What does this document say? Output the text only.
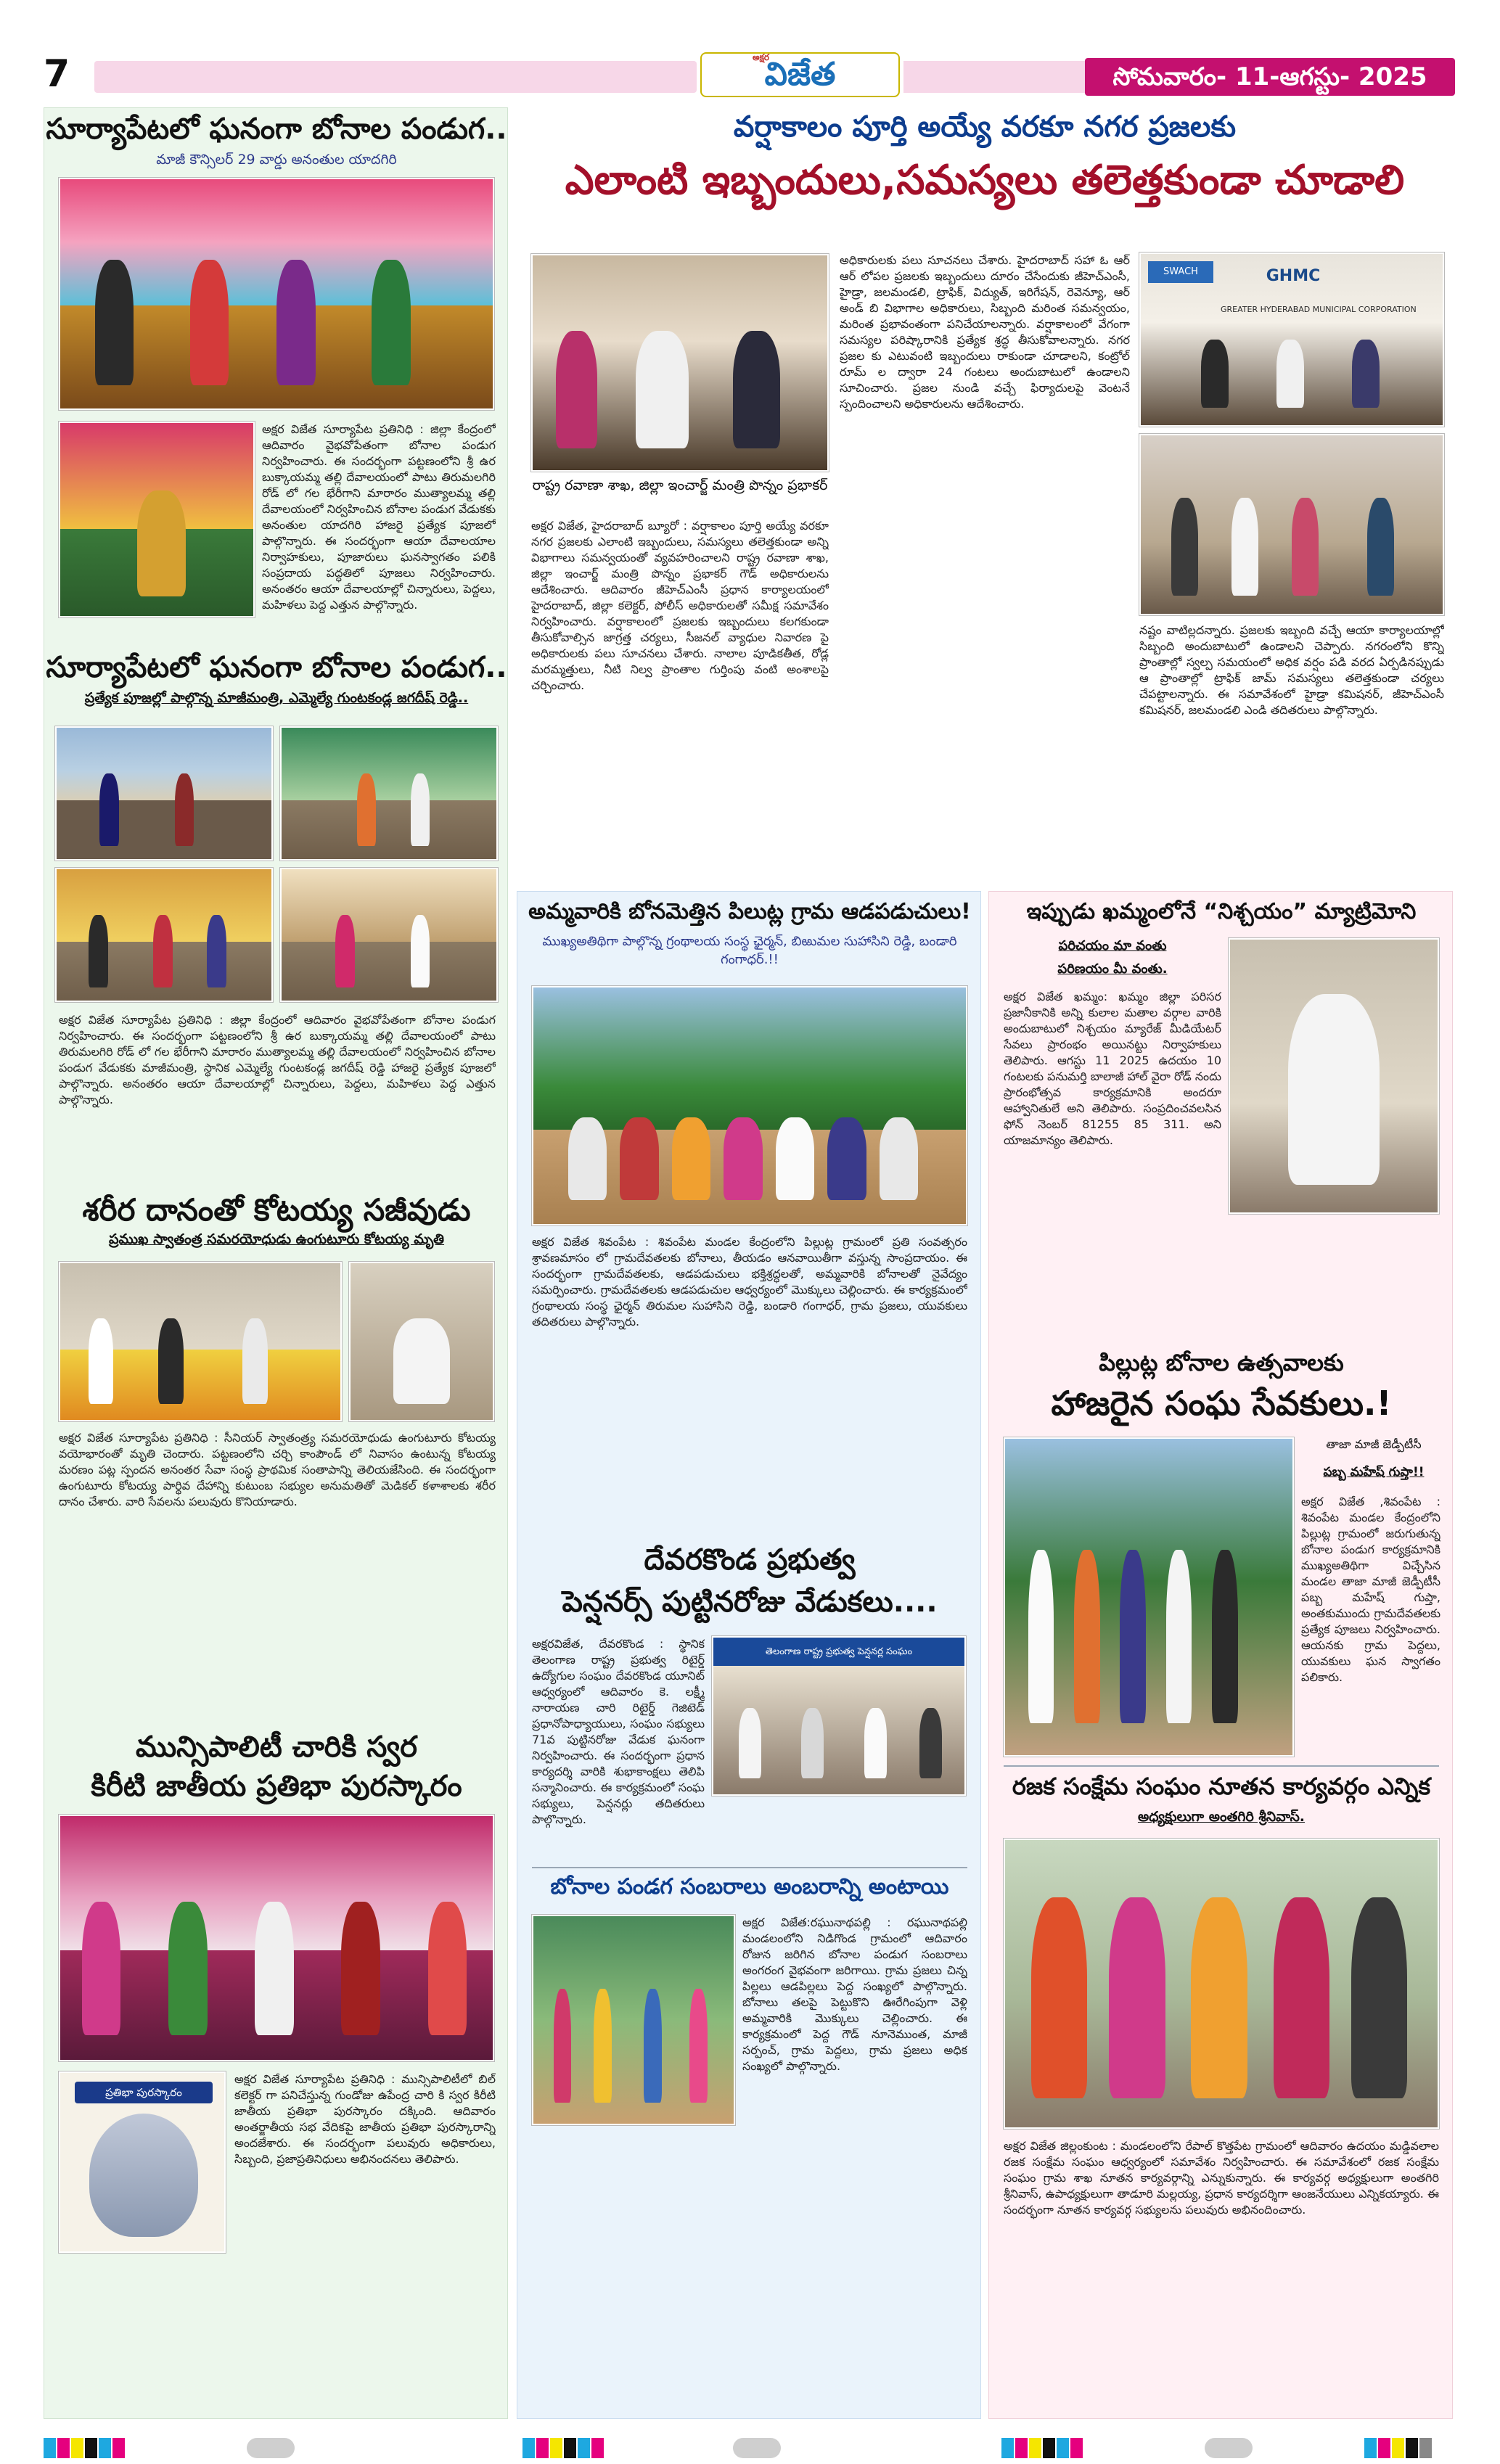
7	అక్షర
విజేత	సోమవారం- 11-ఆగస్టు- 2025
సూర్యాపేటలో ఘనంగా బోనాల పండుగ..
మాజీ కౌన్సిలర్ 29 వార్డు అనంతుల యాదగిరి
అక్షర విజేత సూర్యాపేట ప్రతినిధి : జిల్లా కేంద్రంలో ఆదివారం వైభవోపేతంగా బోనాల పండుగ నిర్వహించారు. ఈ సందర్భంగా పట్టణంలోని శ్రీ ఉర బుక్కాయమ్మ తల్లి దేవాలయంలో పాటు తిరుమలగిరి రోడ్ లో గల భేరీగాని మారారం ముత్యాలమ్మ తల్లి దేవాలయంలో నిర్వహించిన బోనాల పండుగ వేడుకకు అనంతుల యాదగిరి హాజరై ప్రత్యేక పూజలో పాల్గొన్నారు. ఈ సందర్భంగా ఆయా దేవాలయాల నిర్వాహకులు, పూజారులు ఘనస్వాగతం పలికి సంప్రదాయ పద్ధతిలో పూజలు నిర్వహించారు. అనంతరం ఆయా దేవాలయాల్లో చిన్నారులు, పెద్దలు, మహిళలు పెద్ద ఎత్తున పాల్గొన్నారు.
సూర్యాపేటలో ఘనంగా బోనాల పండుగ..
ప్రత్యేక పూజల్లో పాల్గొన్న మాజీమంత్రి, ఎమ్మెల్యే గుంటకండ్ల జగదీష్ రెడ్డి..
అక్షర విజేత సూర్యాపేట ప్రతినిధి : జిల్లా కేంద్రంలో ఆదివారం వైభవోపేతంగా బోనాల పండుగ నిర్వహించారు. ఈ సందర్భంగా పట్టణంలోని శ్రీ ఉర బుక్కాయమ్మ తల్లి దేవాలయంలో పాటు తిరుమలగిరి రోడ్ లో గల భేరీగాని మారారం ముత్యాలమ్మ తల్లి దేవాలయంలో నిర్వహించిన బోనాల పండుగ వేడుకకు మాజీమంత్రి, స్థానిక ఎమ్మెల్యే గుంటకండ్ల జగదీష్ రెడ్డి హాజరై ప్రత్యేక పూజలో పాల్గొన్నారు. అనంతరం ఆయా దేవాలయాల్లో చిన్నారులు, పెద్దలు, మహిళలు పెద్ద ఎత్తున పాల్గొన్నారు.
శరీర దానంతో కోటయ్య సజీవుడు
ప్రముఖ స్వాతంత్ర సమరయోధుడు ఉంగుటూరు కోటయ్య మృతి
అక్షర విజేత సూర్యాపేట ప్రతినిధి : సీనియర్ స్వాతంత్ర్య సమరయోధుడు ఉంగుటూరు కోటయ్య వయోభారంతో మృతి చెందారు. పట్టణంలోని చర్చి కాంపౌండ్ లో నివాసం ఉంటున్న కోటయ్య మరణం పట్ల స్పందన అనంతర సేవా సంస్థ ప్రాథమిక సంతాపాన్ని తెలియజేసింది. ఈ సందర్భంగా ఉంగుటూరు కోటయ్య పార్థివ దేహాన్ని కుటుంబ సభ్యుల అనుమతితో మెడికల్ కళాశాలకు శరీర దానం చేశారు. వారి సేవలను పలువురు కొనియాడారు.
మున్సిపాలిటీ చారికి స్వర
కిరీటి జాతీయ ప్రతిభా పురస్కారం
ప్రతిభా పురస్కారం
అక్షర విజేత సూర్యాపేట ప్రతినిధి : మున్సిపాలిటీలో బిల్ కలెక్టర్ గా పనిచేస్తున్న గుండోజు ఉపేంద్ర చారి కి స్వర కిరీటి జాతీయ ప్రతిభా పురస్కారం దక్కింది. ఆదివారం అంతర్జాతీయ సభ వేదికపై జాతీయ ప్రతిభా పురస్కారాన్ని అందజేశారు. ఈ సందర్భంగా పలువురు అధికారులు, సిబ్బంది, ప్రజాప్రతినిధులు అభినందనలు తెలిపారు.
వర్షాకాలం పూర్తి అయ్యే వరకూ నగర ప్రజలకు
ఎలాంటి ఇబ్బందులు,సమస్యలు తలెత్తకుండా చూడాలి
రాష్ట్ర రవాణా శాఖ, జిల్లా ఇంచార్జ్ మంత్రి పొన్నం ప్రభాకర్
అక్షర విజేత, హైదరాబాద్ బ్యూరో : వర్షాకాలం పూర్తి అయ్యే వరకూ నగర ప్రజలకు ఎలాంటి ఇబ్బందులు, సమస్యలు తలెత్తకుండా అన్ని విభాగాలు సమన్వయంతో వ్యవహరించాలని రాష్ట్ర రవాణా శాఖ, జిల్లా ఇంచార్జ్ మంత్రి పొన్నం ప్రభాకర్ గౌడ్ అధికారులను ఆదేశించారు. ఆదివారం జీహెచ్ఎంసీ ప్రధాన కార్యాలయంలో హైదరాబాద్, జిల్లా కలెక్టర్, పోలీస్ అధికారులతో సమీక్ష సమావేశం నిర్వహించారు. వర్షాకాలంలో ప్రజలకు ఇబ్బందులు కలగకుండా తీసుకోవాల్సిన జాగ్రత్త చర్యలు, సీజనల్ వ్యాధుల నివారణ పై అధికారులకు పలు సూచనలు చేశారు. నాలాల పూడికతీత, రోడ్ల మరమ్మత్తులు, నీటి నిల్వ ప్రాంతాల గుర్తింపు వంటి అంశాలపై చర్చించారు.
అధికారులకు పలు సూచనలు చేశారు. హైదరాబాద్ సహా ఓ ఆర్ ఆర్ లోపల ప్రజలకు ఇబ్బందులు దూరం చేసేందుకు జీహెచ్ఎంసీ, హైడ్రా, జలమండలి, ట్రాఫిక్, విద్యుత్, ఇరిగేషన్, రెవెన్యూ, ఆర్ అండ్ బి విభాగాల అధికారులు, సిబ్బంది మరింత సమన్వయం, మరింత ప్రభావంతంగా పనిచేయాలన్నారు. వర్షాకాలంలో వేగంగా సమస్యల పరిష్కారానికి ప్రత్యేక శ్రద్ధ తీసుకోవాలన్నారు. నగర ప్రజల కు ఎటువంటి ఇబ్బందులు రాకుండా చూడాలని, కంట్రోల్ రూమ్ ల ద్వారా 24 గంటలు అందుబాటులో ఉండాలని సూచించారు. ప్రజల నుండి వచ్చే ఫిర్యాదులపై వెంటనే స్పందించాలని అధికారులను ఆదేశించారు.
SWACH	GHMC
GREATER HYDERABAD MUNICIPAL CORPORATION
నష్టం వాటిల్లదన్నారు. ప్రజలకు ఇబ్బంది వచ్చే ఆయా కార్యాలయాల్లో సిబ్బంది అందుబాటులో ఉండాలని చెప్పారు. నగరంలోని కొన్ని ప్రాంతాల్లో స్వల్ప సమయంలో అధిక వర్షం పడి వరద ఏర్పడినప్పుడు ఆ ప్రాంతాల్లో ట్రాఫిక్ జామ్ సమస్యలు తలెత్తకుండా చర్యలు చేపట్టాలన్నారు. ఈ సమావేశంలో హైడ్రా కమిషనర్, జీహెచ్ఎంసీ కమిషనర్, జలమండలి ఎండి తదితరులు పాల్గొన్నారు.
అమ్మవారికి బోనమెత్తిన పిలుట్ల గ్రామ ఆడపడుచులు!
ముఖ్యఅతిథిగా పాల్గొన్న గ్రంథాలయ సంస్థ ఛైర్మన్, బిఱుమల సుహాసిని రెడ్డి, బండారి గంగాధర్.!!
అక్షర విజేత శివంపేట : శివంపేట మండల కేంద్రంలోని పిల్లుట్ల గ్రామంలో ప్రతి సంవత్సరం శ్రావణమాసం లో గ్రామదేవతలకు బోనాలు, తీయడం ఆనవాయితీగా వస్తున్న సాంప్రదాయం. ఈ సందర్భంగా గ్రామదేవతలకు, ఆడపడుచులు భక్తిశ్రద్ధలతో, అమ్మవారికి బోనాలతో నైవేద్యం సమర్పించారు. గ్రామదేవతలకు ఆడపడుచుల ఆధ్వర్యంలో మొక్కులు చెల్లించారు. ఈ కార్యక్రమంలో గ్రంథాలయ సంస్థ ఛైర్మన్ తిరుమల సుహాసిని రెడ్డి, బండారి గంగాధర్, గ్రామ ప్రజలు, యువకులు తదితరులు పాల్గొన్నారు.
దేవరకొండ ప్రభుత్వ
పెన్షనర్స్ పుట్టినరోజు వేడుకలు....
అక్షరవిజేత, దేవరకొండ : స్థానిక తెలంగాణ రాష్ట్ర ప్రభుత్వ రిటైర్డ్ ఉద్యోగుల సంఘం దేవరకొండ యూనిట్ ఆధ్వర్యంలో ఆదివారం కె. లక్ష్మీ నారాయణ చారి రిటైర్డ్ గెజిటెడ్ ప్రధానోపాధ్యాయులు, సంఘం సభ్యులు 71వ పుట్టినరోజు వేడుక ఘనంగా నిర్వహించారు. ఈ సందర్భంగా ప్రధాన కార్యదర్శి వారికి శుభాకాంక్షలు తెలిపి సన్మానించారు. ఈ కార్యక్రమంలో సంఘ సభ్యులు, పెన్షనర్లు తదితరులు పాల్గొన్నారు.
తెలంగాణ రాష్ట్ర ప్రభుత్వ పెన్షనర్ల సంఘం
బోనాల పండగ సంబరాలు అంబరాన్ని అంటాయి
అక్షర విజేత:రఘునాథపల్లి : రఘునాథపల్లి మండలంలోని నిడిగొండ గ్రామంలో ఆదివారం రోజున జరిగిన బోనాల పండుగ సంబరాలు అంగరంగ వైభవంగా జరిగాయి. గ్రామ ప్రజలు చిన్న పిల్లలు ఆడపిల్లలు పెద్ద సంఖ్యలో పాల్గొన్నారు. బోనాలు తలపై పెట్టుకొని ఊరేగింపుగా వెళ్లి అమ్మవారికి మొక్కులు చెల్లించారు. ఈ కార్యక్రమంలో పెద్ద గౌడ్ నూనెముంత, మాజీ సర్పంచ్, గ్రామ పెద్దలు, గ్రామ ప్రజలు అధిక సంఖ్యలో పాల్గొన్నారు.
ఇప్పుడు ఖమ్మంలోనే “నిశ్చయం” మ్యాట్రిమోని
పరిచయం మా వంతు
పరిణయం మీ వంతు.
అక్షర విజేత ఖమ్మం: ఖమ్మం జిల్లా పరిసర ప్రజానీకానికి అన్ని కులాల మతాల వర్గాల వారికి అందుబాటులో నిశ్చయం మ్యారేజ్ మీడియేటర్ సేవలు ప్రారంభం అయినట్టు నిర్వాహకులు తెలిపారు. ఆగస్టు 11 2025 ఉదయం 10 గంటలకు పనుమర్తి బాలాజీ హాల్ వైరా రోడ్ నందు ప్రారంభోత్సవ కార్యక్రమానికి అందరూ ఆహ్వానితులే అని తెలిపారు. సంప్రదించవలసిన ఫోన్ నెంబర్ 81255 85 311. అని యాజమాన్యం తెలిపారు.
పిల్లుట్ల బోనాల ఉత్సవాలకు
హాజరైన సంఘ సేవకులు.!
తాజా మాజీ జెడ్పీటీసీ
పబ్బ మహేష్ గుప్తా!!
అక్షర విజేత ,శివంపేట : శివంపేట మండల కేంద్రంలోని పిల్లుట్ల గ్రామంలో జరుగుతున్న బోనాల పండుగ కార్యక్రమానికి ముఖ్యఅతిథిగా విచ్చేసిన మండల తాజా మాజీ జెడ్పీటీసీ పబ్బ మహేష్ గుప్తా, అంతకుముందు గ్రామదేవతలకు ప్రత్యేక పూజలు నిర్వహించారు. ఆయనకు గ్రామ పెద్దలు, యువకులు ఘన స్వాగతం పలికారు.
రజక సంక్షేమ సంఘం నూతన కార్యవర్గం ఎన్నిక
అధ్యక్షులుగా అంతగిరి శ్రీనివాస్.
అక్షర విజేత జిల్లంకుంట : మండలంలోని రేపాల్ కొత్తపేట గ్రామంలో ఆదివారం ఉదయం మడ్డివలాల రజక సంక్షేమ సంఘం ఆధ్వర్యంలో సమావేశం నిర్వహించారు. ఈ సమావేశంలో రజక సంక్షేమ సంఘం గ్రామ శాఖ నూతన కార్యవర్గాన్ని ఎన్నుకున్నారు. ఈ కార్యవర్గ అధ్యక్షులుగా అంతగిరి శ్రీనివాస్, ఉపాధ్యక్షులుగా తాడూరి మల్లయ్య, ప్రధాన కార్యదర్శిగా ఆంజనేయులు ఎన్నికయ్యారు. ఈ సందర్భంగా నూతన కార్యవర్గ సభ్యులను పలువురు అభినందించారు.
